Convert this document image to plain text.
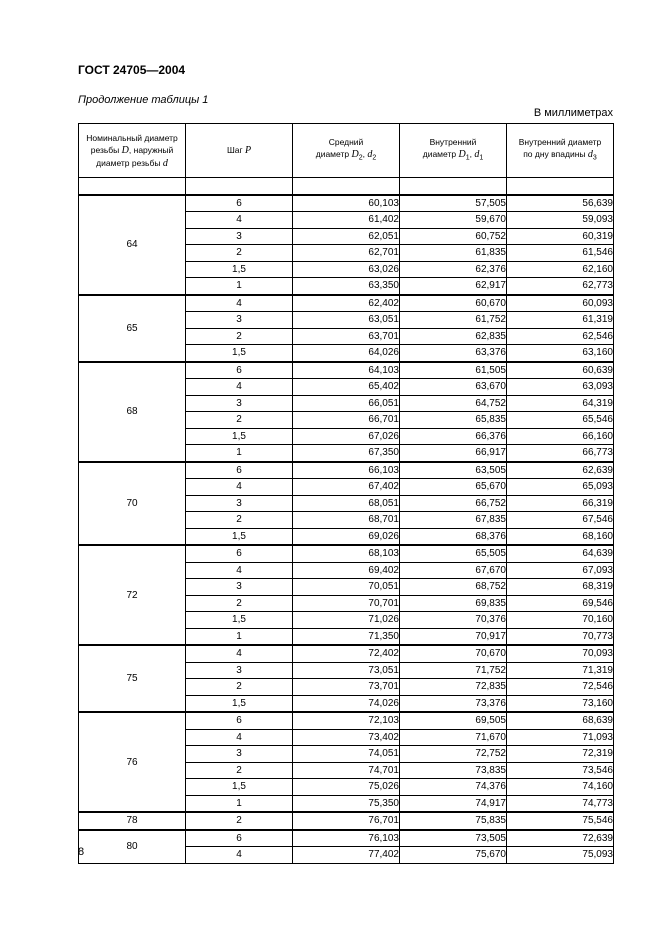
ГОСТ 24705—2004
Продолжение таблицы 1
В миллиметрах
Номинальный диаметр
резьбы D, наружный
диаметр резьбы d	Шаг P	Средний
диаметр $D_2$, $d_2$	Внутренний
диаметр $D_1$, $d_1$	Внутренний диаметр
по дну впадины $d_3$

64	6	60,103	57,505	56,639
	4	61,402	59,670	59,093
	3	62,051	60,752	60,319
	2	62,701	61,835	61,546
	1,5	63,026	62,376	62,160
	1	63,350	62,917	62,773
65	4	62,402	60,670	60,093
	3	63,051	61,752	61,319
	2	63,701	62,835	62,546
	1,5	64,026	63,376	63,160
68	6	64,103	61,505	60,639
	4	65,402	63,670	63,093
	3	66,051	64,752	64,319
	2	66,701	65,835	65,546
	1,5	67,026	66,376	66,160
	1	67,350	66,917	66,773
70	6	66,103	63,505	62,639
	4	67,402	65,670	65,093
	3	68,051	66,752	66,319
	2	68,701	67,835	67,546
	1,5	69,026	68,376	68,160
72	6	68,103	65,505	64,639
	4	69,402	67,670	67,093
	3	70,051	68,752	68,319
	2	70,701	69,835	69,546
	1,5	71,026	70,376	70,160
	1	71,350	70,917	70,773
75	4	72,402	70,670	70,093
	3	73,051	71,752	71,319
	2	73,701	72,835	72,546
	1,5	74,026	73,376	73,160
76	6	72,103	69,505	68,639
	4	73,402	71,670	71,093
	3	74,051	72,752	72,319
	2	74,701	73,835	73,546
	1,5	75,026	74,376	74,160
	1	75,350	74,917	74,773
78	2	76,701	75,835	75,546
80	6	76,103	73,505	72,639
	4	77,402	75,670	75,093
8
